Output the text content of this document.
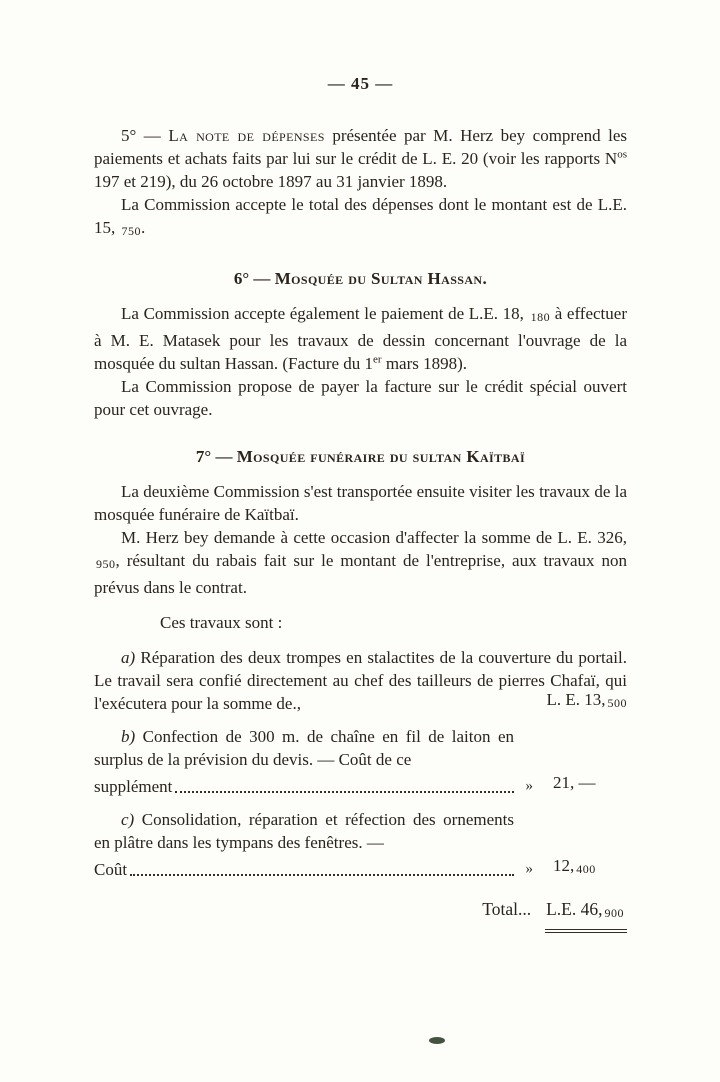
— 45 —

5° — La note de dépenses présentée par M. Herz bey comprend les paiements et achats faits par lui sur le crédit de L. E. 20 (voir les rapports $N^{os}$ 197 et 219), du 26 octobre 1897 au 31 janvier 1898.

La Commission accepte le total des dépenses dont le montant est de L.E. 15, 750.

6° — Mosquée du Sultan Hassan.

La Commission accepte également le paiement de L.E. 18, 180 à effectuer à M. E. Matasek pour les travaux de dessin concernant l'ouvrage de la mosquée du sultan Hassan. (Facture du 1er mars 1898).

La Commission propose de payer la facture sur le crédit spécial ouvert pour cet ouvrage.

7° — Mosquée funéraire du sultan Kaïtbaï

La deuxième Commission s'est transportée ensuite visiter les travaux de la mosquée funéraire de Kaïtbaï.

M. Herz bey demande à cette occasion d'affecter la somme de L. E. 326, 950, résultant du rabais fait sur le montant de l'entreprise, aux travaux non prévus dans le contrat.

Ces travaux sont :

a) Réparation des deux trompes en stalactites de la couverture du portail. Le travail sera confié directement au chef des tailleurs de pierres Chafaï, qui l'exécutera pour la somme de.,	L. E. 13, 500

b) Confection de 300 m. de chaîne en fil de laiton en surplus de la prévision du devis. — Coût de ce

supplément	» 21, —

c) Consolidation, réparation et réfection des ornements en plâtre dans les tympans des fenêtres. —

Coût	» 12, 400
Total... L.E. 46, 900
